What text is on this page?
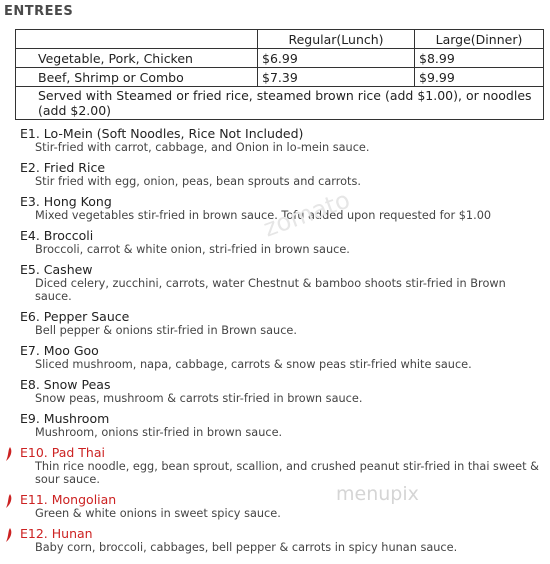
ENTREES
	Regular(Lunch)	Large(Dinner)
Vegetable, Pork, Chicken	$6.99	$8.99
Beef, Shrimp or Combo	$7.39	$9.99
Served with Steamed or fried rice, steamed brown rice (add $1.00), or noodles (add $2.00)		
E1. Lo-Mein (Soft Noodles, Rice Not Included)
Stir-fried with carrot, cabbage, and Onion in lo-mein sauce.
E2. Fried Rice
Stir fried with egg, onion, peas, bean sprouts and carrots.
E3. Hong Kong
Mixed vegetables stir-fried in brown sauce. Tofu added upon requested for $1.00
E4. Broccoli
Broccoli, carrot & white onion, stri-fried in brown sauce.
E5. Cashew
Diced celery, zucchini, carrots, water Chestnut & bamboo shoots stir-fried in Brown sauce.
E6. Pepper Sauce
Bell pepper & onions stir-fried in Brown sauce.
E7. Moo Goo
Sliced mushroom, napa, cabbage, carrots & snow peas stir-fried white sauce.
E8. Snow Peas
Snow peas, mushroom & carrots stir-fried in brown sauce.
E9. Mushroom
Mushroom, onions stir-fried in brown sauce.
E10. Pad Thai
Thin rice noodle, egg, bean sprout, scallion, and crushed peanut stir-fried in thai sweet & sour sauce.
E11. Mongolian
Green & white onions in sweet spicy sauce.
E12. Hunan
Baby corn, broccoli, cabbages, bell pepper & carrots in spicy hunan sauce.
zomato
menupix
